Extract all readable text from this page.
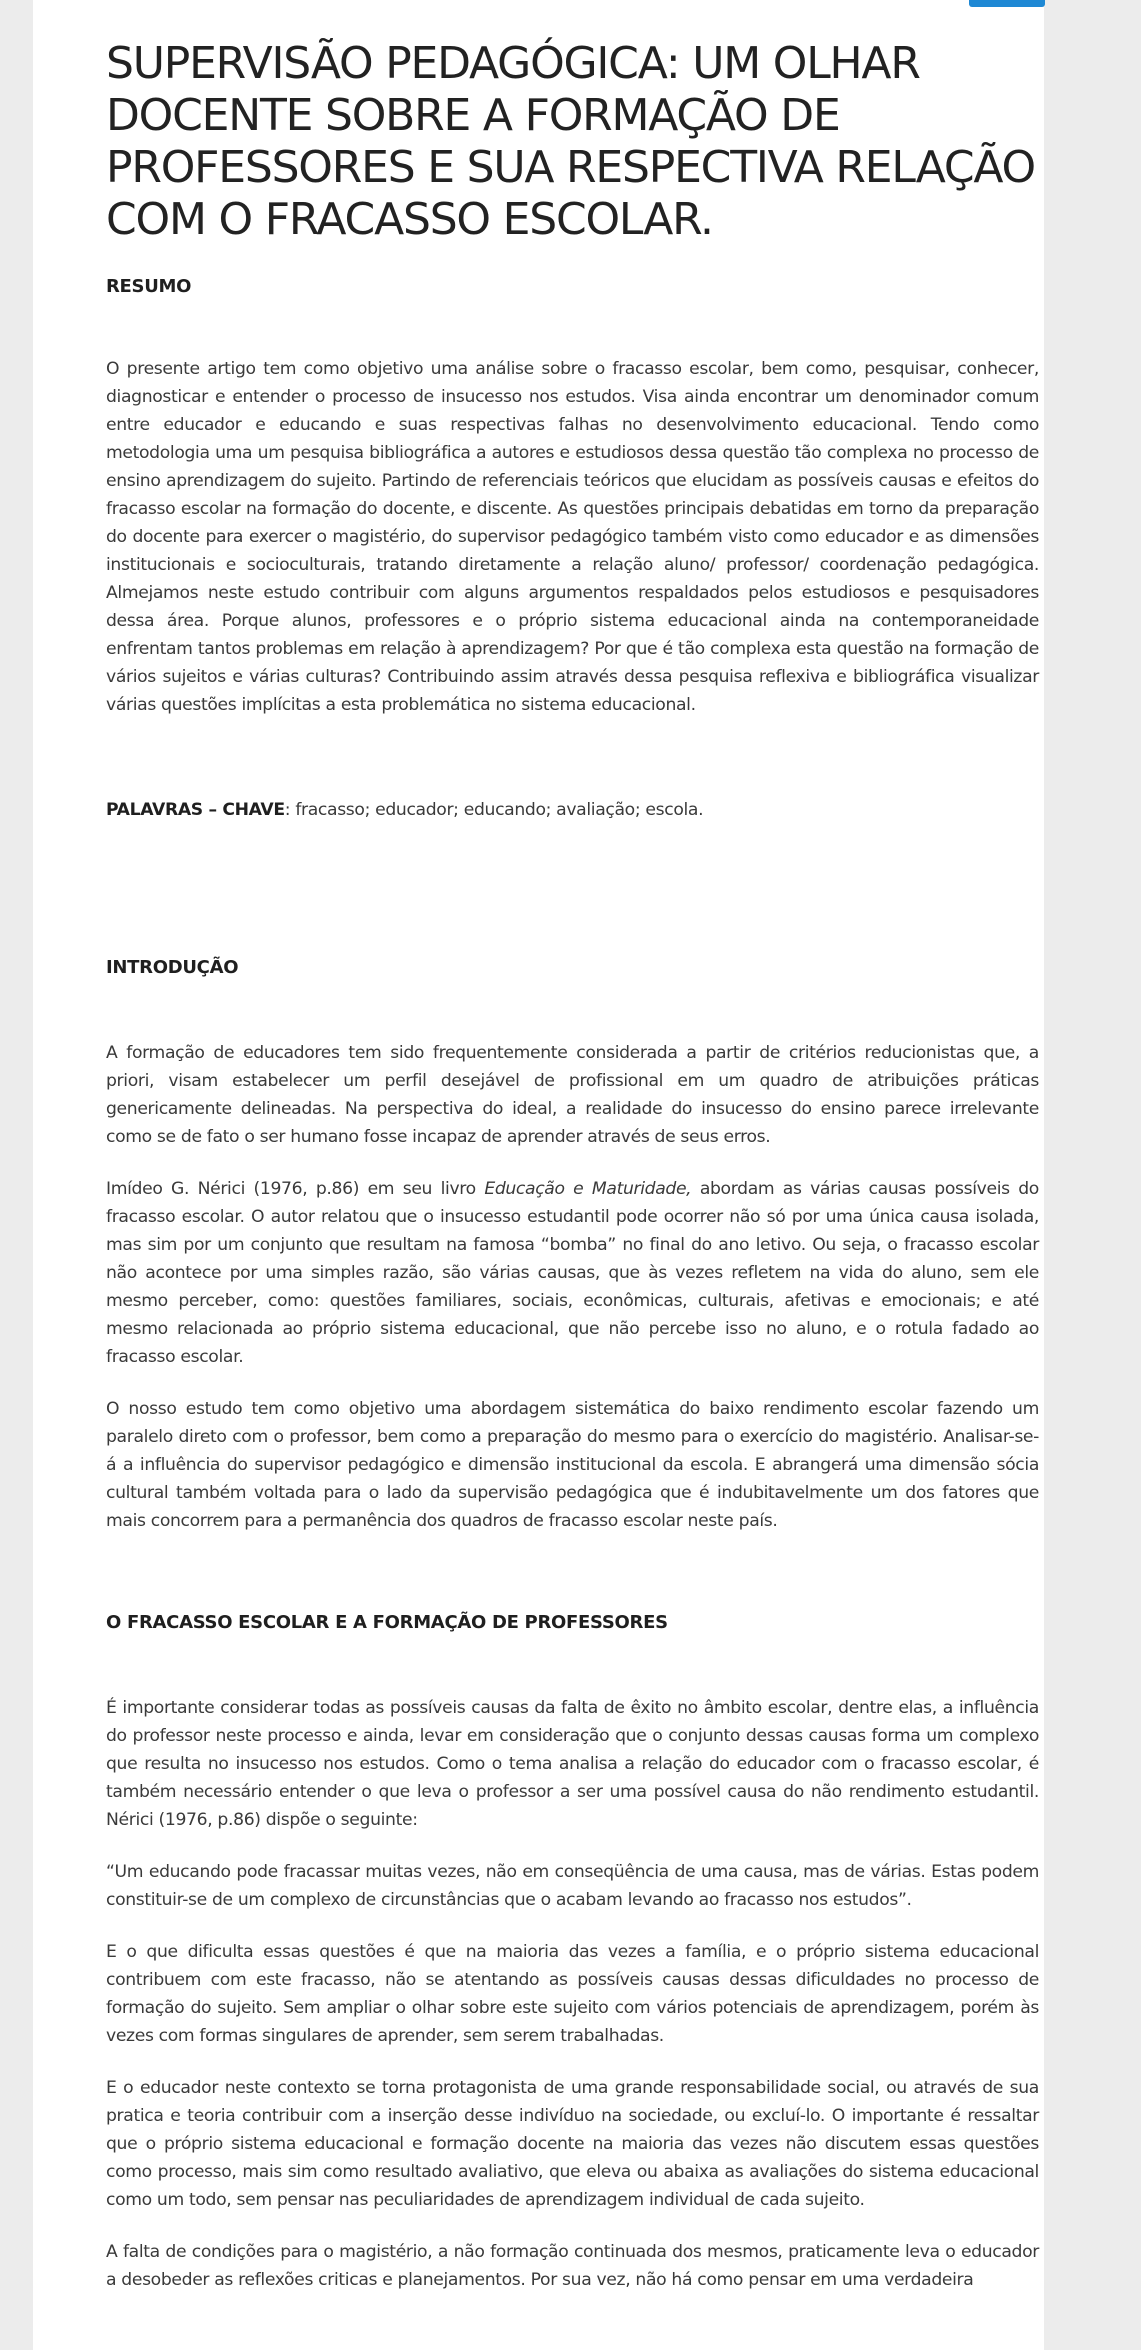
SUPERVISÃO PEDAGÓGICA: UM OLHAR DOCENTE SOBRE A FORMAÇÃO DE PROFESSORES E SUA RESPECTIVA RELAÇÃO COM O FRACASSO ESCOLAR.
RESUMO

O presente artigo tem como objetivo uma análise sobre o fracasso escolar, bem como, pesquisar, conhecer, diagnosticar e entender o processo de insucesso nos estudos. Visa ainda encontrar um denominador comum entre educador e educando e suas respectivas falhas no desenvolvimento educacional. Tendo como metodologia uma um pesquisa bibliográfica a autores e estudiosos dessa questão tão complexa no processo de ensino aprendizagem do sujeito. Partindo de referenciais teóricos que elucidam as possíveis causas e efeitos do fracasso escolar na formação do docente, e discente. As questões principais debatidas em torno da preparação do docente para exercer o magistério, do supervisor pedagógico também visto como educador e as dimensões institucionais e socioculturais, tratando diretamente a relação aluno/ professor/ coordenação pedagógica. Almejamos neste estudo contribuir com alguns argumentos respaldados pelos estudiosos e pesquisadores dessa área. Porque alunos, professores e o próprio sistema educacional ainda na contemporaneidade enfrentam tantos problemas em relação à aprendizagem? Por que é tão complexa esta questão na formação de vários sujeitos e várias culturas? Contribuindo assim através dessa pesquisa reflexiva e bibliográfica visualizar várias questões implícitas a esta problemática no sistema educacional.

PALAVRAS – CHAVE: fracasso; educador; educando; avaliação; escola.

INTRODUÇÃO

A formação de educadores tem sido frequentemente considerada a partir de critérios reducionistas que, a priori, visam estabelecer um perfil desejável de profissional em um quadro de atribuições práticas genericamente delineadas. Na perspectiva do ideal, a realidade do insucesso do ensino parece irrelevante como se de fato o ser humano fosse incapaz de aprender através de seus erros.

Imídeo G. Nérici (1976, p.86) em seu livro Educação e Maturidade, abordam as várias causas possíveis do fracasso escolar. O autor relatou que o insucesso estudantil pode ocorrer não só por uma única causa isolada, mas sim por um conjunto que resultam na famosa “bomba” no final do ano letivo. Ou seja, o fracasso escolar não acontece por uma simples razão, são várias causas, que às vezes refletem na vida do aluno, sem ele mesmo perceber, como: questões familiares, sociais, econômicas, culturais, afetivas e emocionais; e até mesmo relacionada ao próprio sistema educacional, que não percebe isso no aluno, e o rotula fadado ao fracasso escolar.

O nosso estudo tem como objetivo uma abordagem sistemática do baixo rendimento escolar fazendo um paralelo direto com o professor, bem como a preparação do mesmo para o exercício do magistério. Analisar-se-á a influência do supervisor pedagógico e dimensão institucional da escola. E abrangerá uma dimensão sócia cultural também voltada para o lado da supervisão pedagógica que é indubitavelmente um dos fatores que mais concorrem para a permanência dos quadros de fracasso escolar neste país.

O FRACASSO ESCOLAR E A FORMAÇÃO DE PROFESSORES

É importante considerar todas as possíveis causas da falta de êxito no âmbito escolar, dentre elas, a influência do professor neste processo e ainda, levar em consideração que o conjunto dessas causas forma um complexo que resulta no insucesso nos estudos. Como o tema analisa a relação do educador com o fracasso escolar, é também necessário entender o que leva o professor a ser uma possível causa do não rendimento estudantil. Nérici (1976, p.86) dispõe o seguinte:

“Um educando pode fracassar muitas vezes, não em conseqüência de uma causa, mas de várias. Estas podem constituir-se de um complexo de circunstâncias que o acabam levando ao fracasso nos estudos”.

E o que dificulta essas questões é que na maioria das vezes a família, e o próprio sistema educacional contribuem com este fracasso, não se atentando as possíveis causas dessas dificuldades no processo de formação do sujeito. Sem ampliar o olhar sobre este sujeito com vários potenciais de aprendizagem, porém às vezes com formas singulares de aprender, sem serem trabalhadas.

E o educador neste contexto se torna protagonista de uma grande responsabilidade social, ou através de sua pratica e teoria contribuir com a inserção desse indivíduo na sociedade, ou excluí-lo. O importante é ressaltar que o próprio sistema educacional e formação docente na maioria das vezes não discutem essas questões como processo, mais sim como resultado avaliativo, que eleva ou abaixa as avaliações do sistema educacional como um todo, sem pensar nas peculiaridades de aprendizagem individual de cada sujeito.

A falta de condições para o magistério, a não formação continuada dos mesmos, praticamente leva o educador a desobeder as reflexões criticas e planejamentos. Por sua vez, não há como pensar em uma verdadeira
